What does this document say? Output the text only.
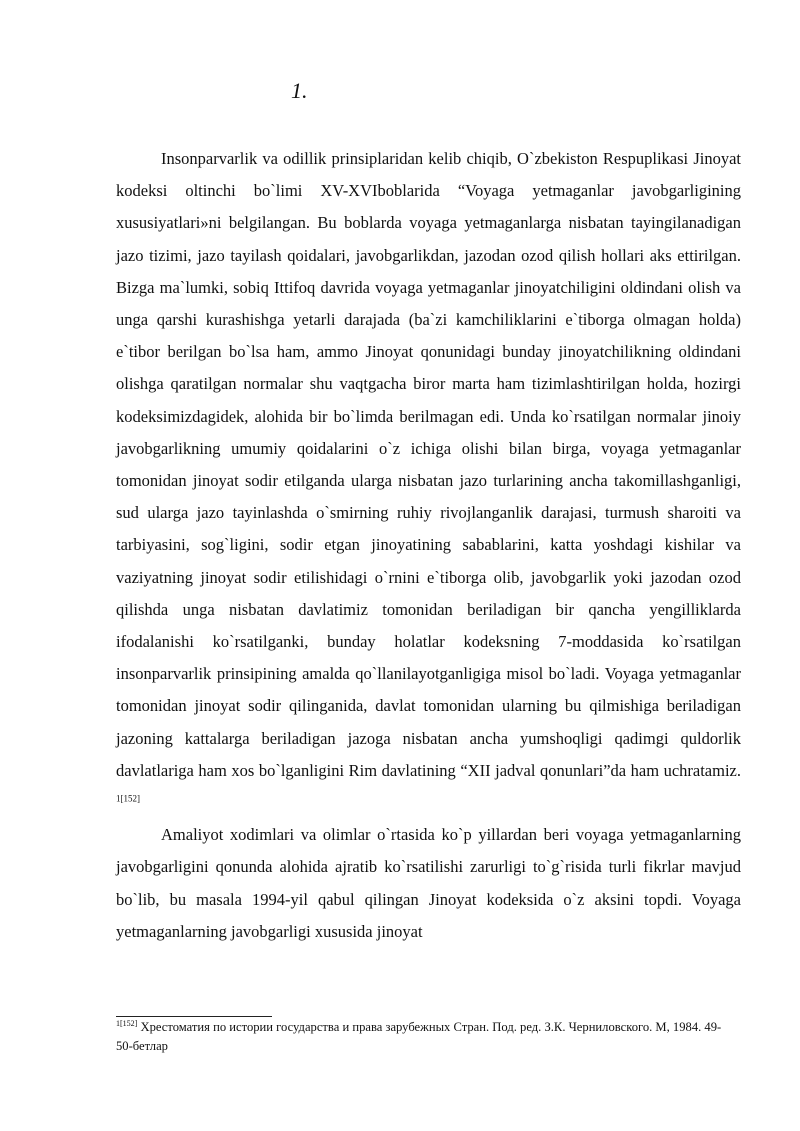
1.

Insonparvarlik va odillik prinsiplaridan kelib chiqib, O`zbekiston Respuplikasi Jinoyat kodeksi oltinchi bo`limi XV-XVIboblarida “Voyaga yetmaganlar javobgarligining xususiyatlari»ni belgilangan. Bu boblarda voyaga yetmaganlarga nisbatan tayingilanadigan jazo tizimi, jazo tayilash qoidalari, javobgarlikdan, jazodan ozod qilish hollari aks ettirilgan. Bizga ma`lumki, sobiq Ittifoq davrida voyaga yetmaganlar jinoyatchiligini oldindani olish va unga qarshi kurashishga yetarli darajada (ba`zi kamchiliklarini e`tiborga olmagan holda) e`tibor berilgan bo`lsa ham, ammo Jinoyat qonunidagi bunday jinoyatchilikning oldindani olishga qaratilgan normalar shu vaqtgacha biror marta ham tizimlashtirilgan holda, hozirgi kodeksimizdagidek, alohida bir bo`limda berilmagan edi. Unda ko`rsatilgan normalar jinoiy javobgarlikning umumiy qoidalarini o`z ichiga olishi bilan birga, voyaga yetmaganlar tomonidan jinoyat sodir etilganda ularga nisbatan jazo turlarining ancha takomillashganligi, sud ularga jazo tayinlashda o`smirning ruhiy rivojlanganlik darajasi, turmush sharoiti va tarbiyasini, sog`ligini, sodir etgan jinoyatining sabablarini, katta yoshdagi kishilar va vaziyatning jinoyat sodir etilishidagi o`rnini e`tiborga olib, javobgarlik yoki jazodan ozod qilishda unga nisbatan davlatimiz tomonidan beriladigan bir qancha yengilliklarda ifodalanishi ko`rsatilganki, bunday holatlar kodeksning 7-moddasida ko`rsatilgan insonparvarlik prinsipining amalda qo`llanilayotganligiga misol bo`ladi. Voyaga yetmaganlar tomonidan jinoyat sodir qilinganida, davlat tomonidan ularning bu qilmishiga beriladigan jazoning kattalarga beriladigan jazoga nisbatan ancha yumshoqligi qadimgi quldorlik davlatlariga ham xos bo`lganligini Rim davlatining “XII jadval qonunlari”da ham uchratamiz. $^{1[152]}$

Amaliyot xodimlari va olimlar o`rtasida ko`p yillardan beri voyaga yetmaganlarning javobgarligini qonunda alohida ajratib ko`rsatilishi zarurligi to`g`risida turli fikrlar mavjud bo`lib, bu masala 1994-yil qabul qilingan Jinoyat kodeksida o`z aksini topdi. Voyaga yetmaganlarning javobgarligi xususida jinoyat

$^{1[152]}$ Хрестоматия по истории государства и права зарубежных Стран. Под. ред. З.К. Черниловского. М, 1984. 49-50-бетлар
